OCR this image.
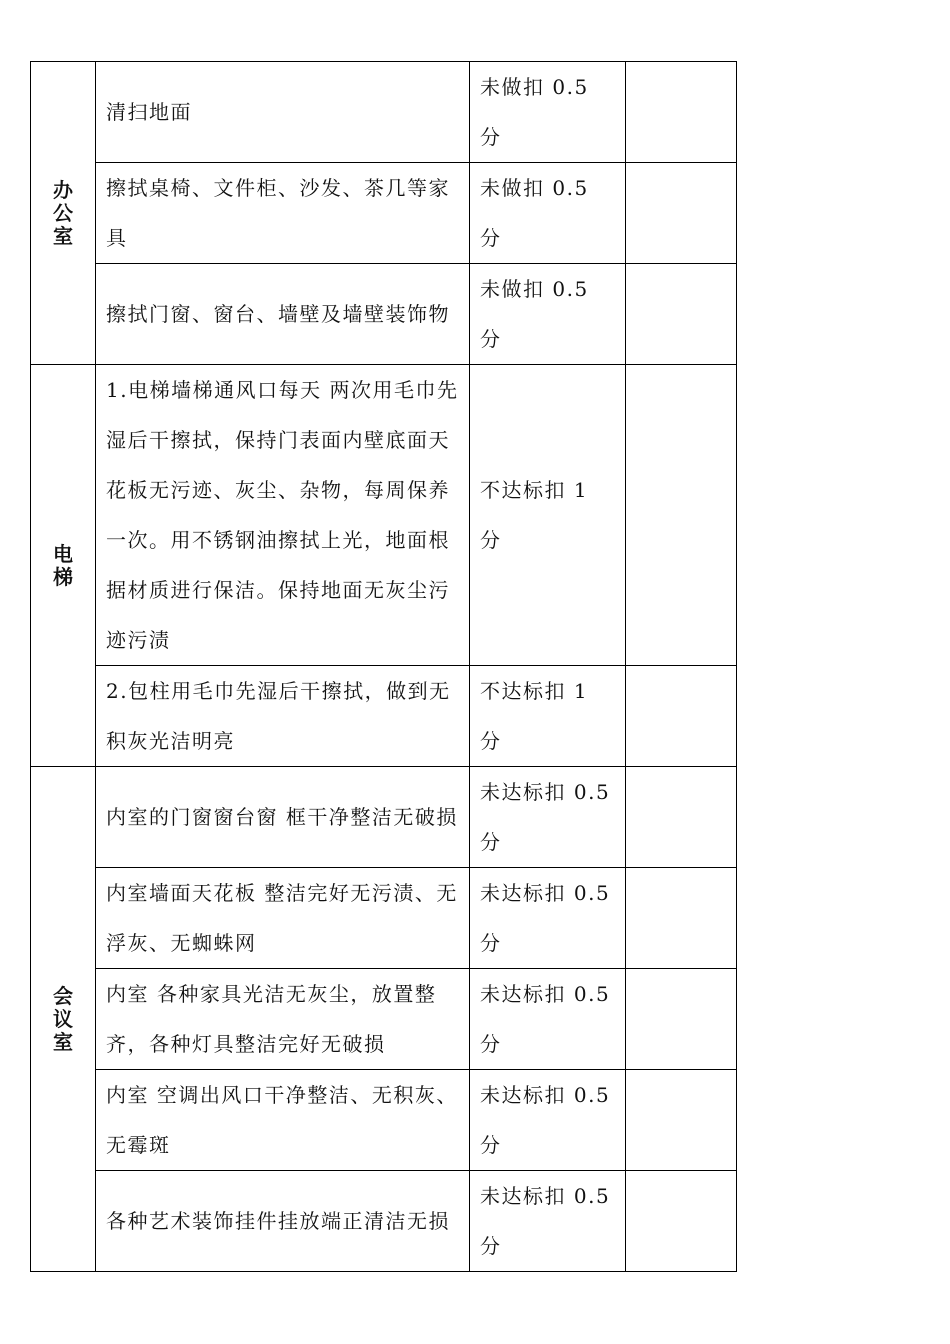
办公室	清扫地面	未做扣 0.5 分	
	擦拭桌椅、文件柜、沙发、茶几等家具	未做扣 0.5 分	
	擦拭门窗、窗台、墙壁及墙壁装饰物	未做扣 0.5 分	
电梯	1.电梯墙梯通风口每天 两次用毛巾先湿后干擦拭，保持门表面内壁底面天花板无污迹、灰尘、杂物，每周保养一次。用不锈钢油擦拭上光，地面根据材质进行保洁。保持地面无灰尘污迹污渍	不达标扣 1 分	
	2.包柱用毛巾先湿后干擦拭，做到无积灰光洁明亮	不达标扣 1 分	
会议室	内室的门窗窗台窗 框干净整洁无破损	未达标扣 0.5 分	
	内室墙面天花板 整洁完好无污渍、无浮灰、无蜘蛛网	未达标扣 0.5 分	
	内室 各种家具光洁无灰尘，放置整齐，各种灯具整洁完好无破损	未达标扣 0.5 分	
	内室 空调出风口干净整洁、无积灰、无霉斑	未达标扣 0.5 分	
	各种艺术装饰挂件挂放端正清洁无损	未达标扣 0.5 分	
